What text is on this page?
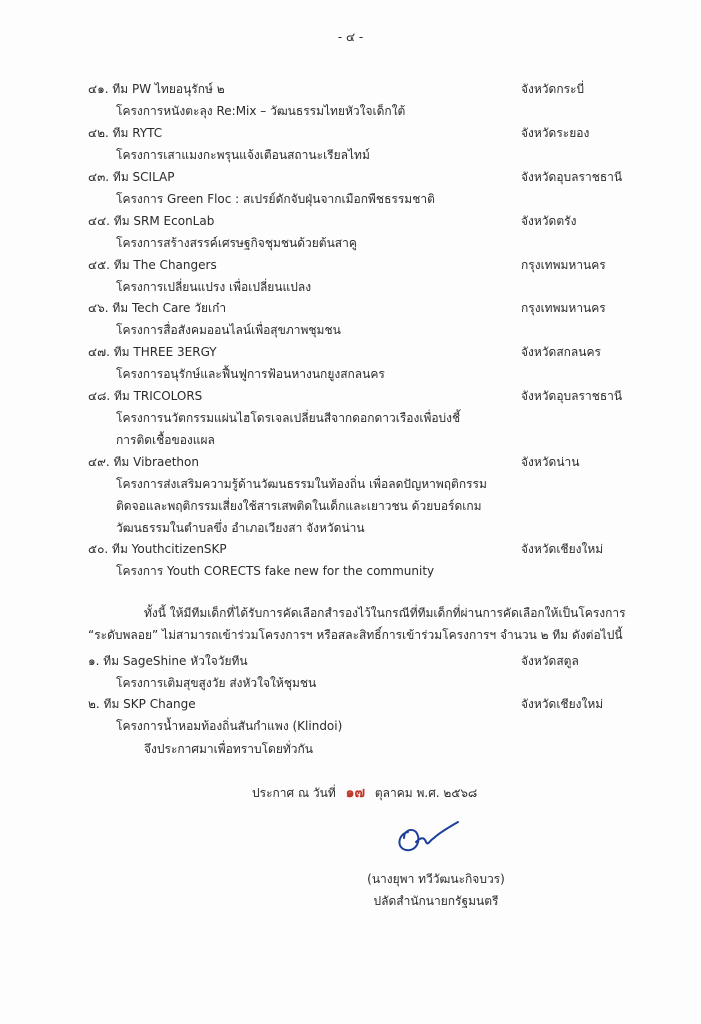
- ๔ -
๔๑. ทีม PW ไทยอนุรักษ์ ๒	จังหวัดกระบี่
โครงการหนังตะลุง Re:Mix – วัฒนธรรมไทยหัวใจเด็กใต้
๔๒. ทีม RYTC	จังหวัดระยอง
โครงการเสาแมงกะพรุนแจ้งเตือนสถานะเรียลไทม์
๔๓. ทีม SCILAP	จังหวัดอุบลราชธานี
โครงการ Green Floc : สเปรย์ดักจับฝุ่นจากเมือกพืชธรรมชาติ
๔๔. ทีม SRM EconLab	จังหวัดตรัง
โครงการสร้างสรรค์เศรษฐกิจชุมชนด้วยต้นสาคู
๔๕. ทีม The Changers	กรุงเทพมหานคร
โครงการเปลี่ยนแปรง เพื่อเปลี่ยนแปลง
๔๖. ทีม Tech Care วัยเก๋า	กรุงเทพมหานคร
โครงการสื่อสังคมออนไลน์เพื่อสุขภาพชุมชน
๔๗. ทีม THREE 3ERGY	จังหวัดสกลนคร
โครงการอนุรักษ์และฟื้นฟูการฟ้อนหางนกยูงสกลนคร
๔๘. ทีม TRICOLORS	จังหวัดอุบลราชธานี
โครงการนวัตกรรมแผ่นไฮโดรเจลเปลี่ยนสีจากดอกดาวเรืองเพื่อบ่งชี้
การติดเชื้อของแผล
๔๙. ทีม Vibraethon	จังหวัดน่าน
โครงการส่งเสริมความรู้ด้านวัฒนธรรมในท้องถิ่น เพื่อลดปัญหาพฤติกรรม
ติดจอและพฤติกรรมเสี่ยงใช้สารเสพติดในเด็กและเยาวชน ด้วยบอร์ดเกม
วัฒนธรรมในตำบลขึ่ง อำเภอเวียงสา จังหวัดน่าน
๕๐. ทีม YouthcitizenSKP	จังหวัดเชียงใหม่
โครงการ Youth CORECTS fake new for the community
ทั้งนี้ ให้มีทีมเด็กที่ได้รับการคัดเลือกสำรองไว้ในกรณีที่ทีมเด็กที่ผ่านการคัดเลือกให้เป็นโครงการ
“ระดับพลอย” ไม่สามารถเข้าร่วมโครงการฯ หรือสละสิทธิ์การเข้าร่วมโครงการฯ จำนวน ๒ ทีม ดังต่อไปนี้
๑. ทีม SageShine หัวใจวัยทีน	จังหวัดสตูล
โครงการเติมสุขสูงวัย ส่งหัวใจให้ชุมชน
๒. ทีม SKP Change	จังหวัดเชียงใหม่
โครงการน้ำหอมท้องถิ่นสันกำแพง (Klindoi)
จึงประกาศมาเพื่อทราบโดยทั่วกัน
ประกาศ ณ วันที่ ๑๗ ตุลาคม พ.ศ. ๒๕๖๘
(นางยุพา ทวีวัฒนะกิจบวร)
ปลัดสำนักนายกรัฐมนตรี
